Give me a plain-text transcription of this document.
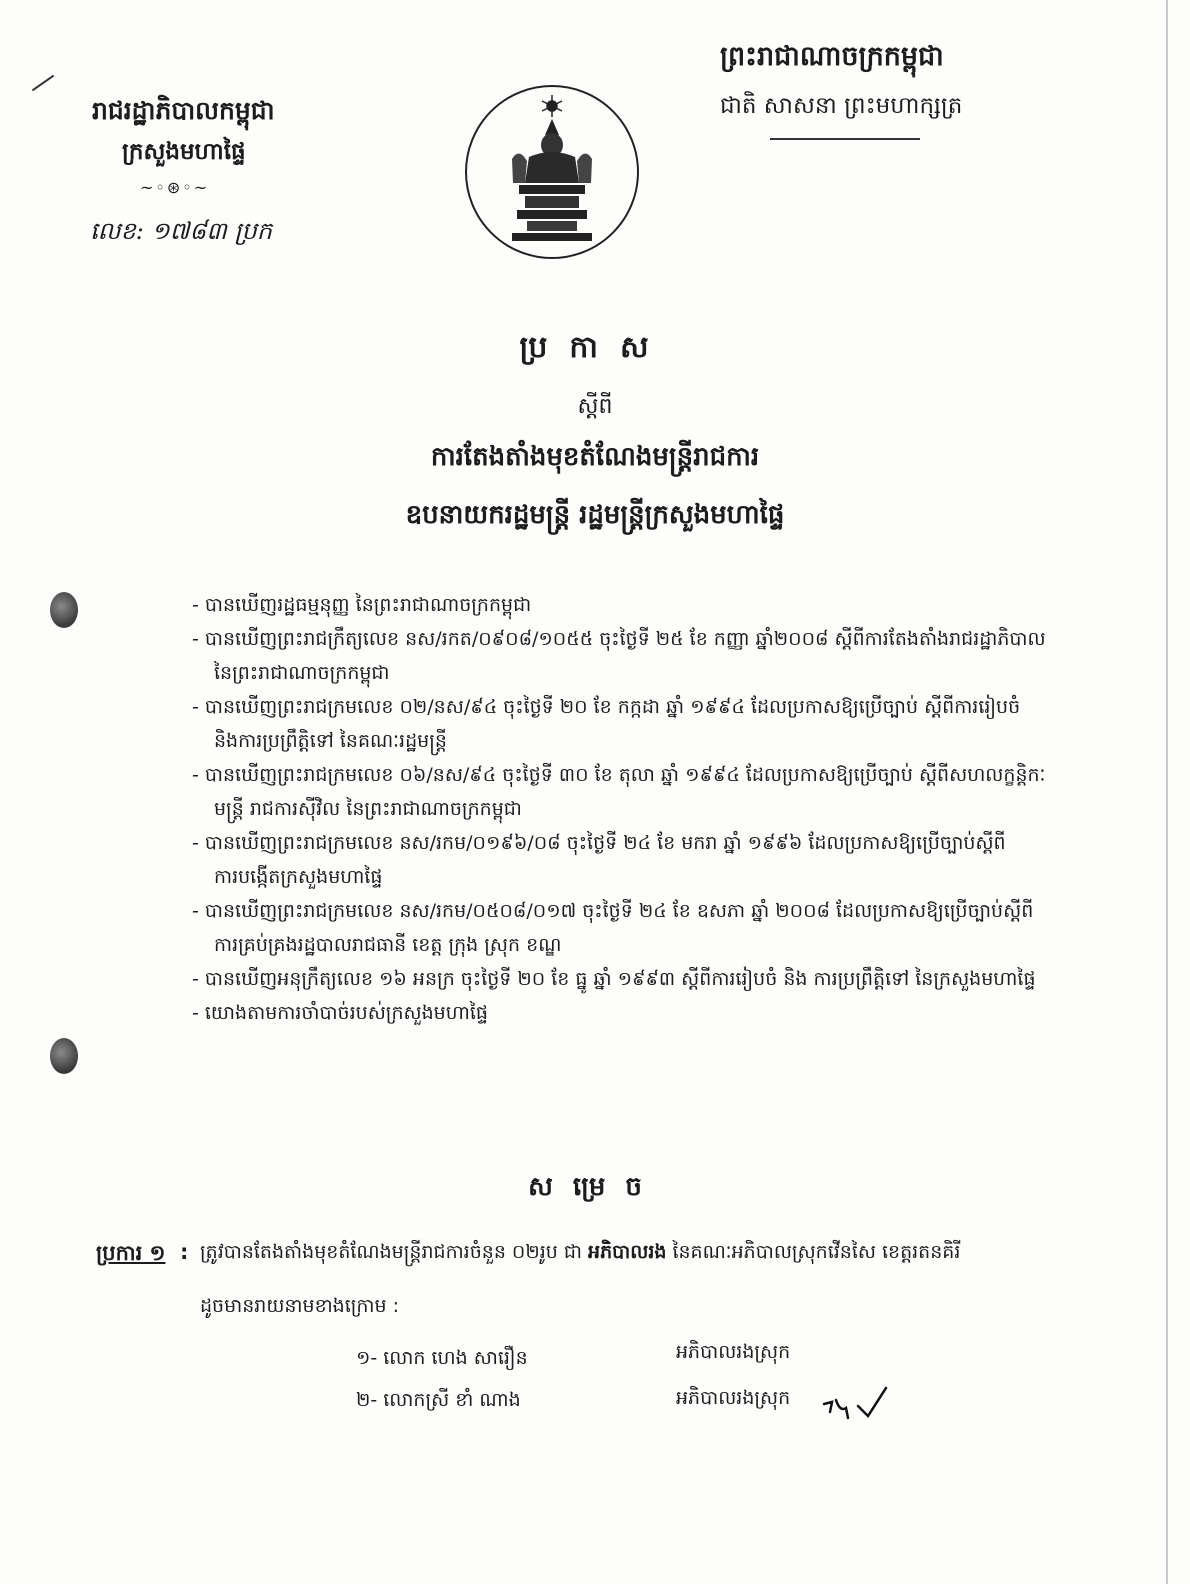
រាជរដ្ឋាភិបាលកម្ពុជា
ក្រសួងមហាផ្ទៃ
~◦⊛◦~
លេខ: ១៧៨៣ ប្រក
ព្រះរាជាណាចក្រកម្ពុជា
ជាតិ សាសនា ព្រះមហាក្សត្រ
ប្រកាស
ស្តីពី
ការតែងតាំងមុខតំណែងមន្ត្រីរាជការ
ឧបនាយករដ្ឋមន្ត្រី រដ្ឋមន្ត្រីក្រសួងមហាផ្ទៃ
- បានឃើញរដ្ឋធម្មនុញ្ញ នៃព្រះរាជាណាចក្រកម្ពុជា
- បានឃើញព្រះរាជក្រឹត្យលេខ នស/រកត/០៩០៨/១០៥៥ ចុះថ្ងៃទី ២៥ ខែ កញ្ញា ឆ្នាំ២០០៨ ស្តីពីការតែងតាំងរាជរដ្ឋាភិបាល
នៃព្រះរាជាណាចក្រកម្ពុជា
- បានឃើញព្រះរាជក្រមលេខ ០២/នស/៩៤ ចុះថ្ងៃទី ២០ ខែ កក្កដា ឆ្នាំ ១៩៩៤ ដែលប្រកាសឱ្យប្រើច្បាប់ ស្តីពីការរៀបចំ
និងការប្រព្រឹត្តិទៅ នៃគណៈរដ្ឋមន្ត្រី
- បានឃើញព្រះរាជក្រមលេខ ០៦/នស/៩៤ ចុះថ្ងៃទី ៣០ ខែ តុលា ឆ្នាំ ១៩៩៤ ដែលប្រកាសឱ្យប្រើច្បាប់ ស្តីពីសហលក្ខន្តិកៈ
មន្ត្រី រាជការស៊ីវិល នៃព្រះរាជាណាចក្រកម្ពុជា
- បានឃើញព្រះរាជក្រមលេខ នស/រកម/០១៩៦/០៨ ចុះថ្ងៃទី ២៤ ខែ មករា ឆ្នាំ ១៩៩៦ ដែលប្រកាសឱ្យប្រើច្បាប់ស្តីពី
ការបង្កើតក្រសួងមហាផ្ទៃ
- បានឃើញព្រះរាជក្រមលេខ នស/រកម/០៥០៨/០១៧ ចុះថ្ងៃទី ២៤ ខែ ឧសភា ឆ្នាំ ២០០៨ ដែលប្រកាសឱ្យប្រើច្បាប់ស្តីពី
ការគ្រប់គ្រងរដ្ឋបាលរាជធានី ខេត្ត ក្រុង ស្រុក ខណ្ឌ
- បានឃើញអនុក្រឹត្យលេខ ១៦ អនក្រ ចុះថ្ងៃទី ២០ ខែ ធ្នូ ឆ្នាំ ១៩៩៣ ស្តីពីការរៀបចំ និង ការប្រព្រឹត្តិទៅ នៃក្រសួងមហាផ្ទៃ
- យោងតាមការចាំបាច់របស់ក្រសួងមហាផ្ទៃ
សម្រេច
ប្រការ ១ : ត្រូវបានតែងតាំងមុខតំណែងមន្ត្រីរាជការចំនួន ០២រូប ជា អភិបាលរង នៃគណៈអភិបាលស្រុកវើនសៃ ខេត្តរតនគិរី
ដូចមានរាយនាមខាងក្រោម :
១- លោក ហេង សារឿន	អភិបាលរងស្រុក
២- លោកស្រី ខាំ ណាង	អភិបាលរងស្រុក
